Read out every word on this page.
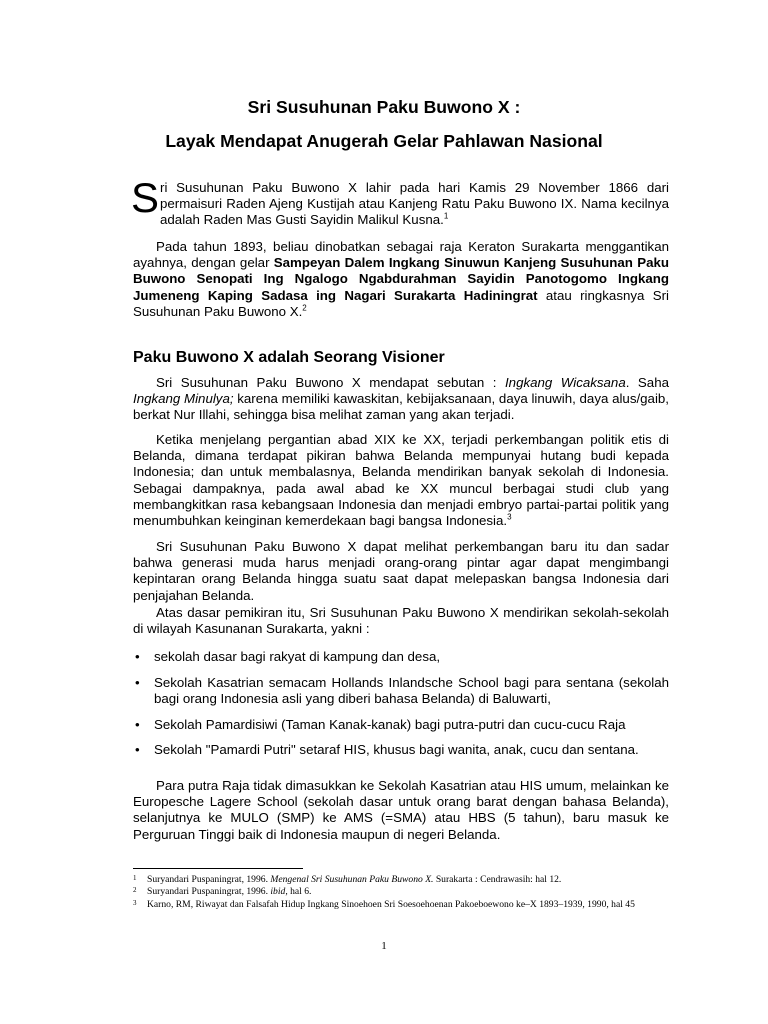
Sri Susuhunan Paku Buwono X :
Layak Mendapat Anugerah Gelar Pahlawan Nasional

Sri Susuhunan Paku Buwono X lahir pada hari Kamis 29 November 1866 dari permaisuri Raden Ajeng Kustijah atau Kanjeng Ratu Paku Buwono IX. Nama kecilnya adalah Raden Mas Gusti Sayidin Malikul Kusna.$^1$

Pada tahun 1893, beliau dinobatkan sebagai raja Keraton Surakarta menggantikan ayahnya, dengan gelar Sampeyan Dalem Ingkang Sinuwun Kanjeng Susuhunan Paku Buwono Senopati Ing Ngalogo Ngabdurahman Sayidin Panotogomo Ingkang Jumeneng Kaping Sadasa ing Nagari Surakarta Hadiningrat atau ringkasnya Sri Susuhunan Paku Buwono X.$^2$

Paku Buwono X adalah Seorang Visioner

Sri Susuhunan Paku Buwono X mendapat sebutan : Ingkang Wicaksana. Saha Ingkang Minulya; karena memiliki kawaskitan, kebijaksanaan, daya linuwih, daya alus/gaib, berkat Nur Illahi, sehingga bisa melihat zaman yang akan terjadi.

Ketika menjelang pergantian abad XIX ke XX, terjadi perkembangan politik etis di Belanda, dimana terdapat pikiran bahwa Belanda mempunyai hutang budi kepada Indonesia; dan untuk membalasnya, Belanda mendirikan banyak sekolah di Indonesia. Sebagai dampaknya, pada awal abad ke XX muncul berbagai studi club yang membangkitkan rasa kebangsaan Indonesia dan menjadi embryo partai-partai politik yang menumbuhkan keinginan kemerdekaan bagi bangsa Indonesia.$^3$

Sri Susuhunan Paku Buwono X dapat melihat perkembangan baru itu dan sadar bahwa generasi muda harus menjadi orang-orang pintar agar dapat mengimbangi kepintaran orang Belanda hingga suatu saat dapat melepaskan bangsa Indonesia dari penjajahan Belanda.

Atas dasar pemikiran itu, Sri Susuhunan Paku Buwono X mendirikan sekolah-sekolah di wilayah Kasunanan Surakarta, yakni :

• sekolah dasar bagi rakyat di kampung dan desa,
• Sekolah Kasatrian semacam Hollands Inlandsche School bagi para sentana (sekolah bagi orang Indonesia asli yang diberi bahasa Belanda) di Baluwarti,
• Sekolah Pamardisiwi (Taman Kanak-kanak) bagi putra-putri dan cucu-cucu Raja
• Sekolah "Pamardi Putri" setaraf HIS, khusus bagi wanita, anak, cucu dan sentana.

Para putra Raja tidak dimasukkan ke Sekolah Kasatrian atau HIS umum, melainkan ke Europesche Lagere School (sekolah dasar untuk orang barat dengan bahasa Belanda), selanjutnya ke MULO (SMP) ke AMS (=SMA) atau HBS (5 tahun), baru masuk ke Perguruan Tinggi baik di Indonesia maupun di negeri Belanda.

1 Suryandari Puspaningrat, 1996. Mengenal Sri Susuhunan Paku Buwono X. Surakarta : Cendrawasih: hal 12.
2 Suryandari Puspaningrat, 1996. ibid, hal 6.
3 Karno, RM, Riwayat dan Falsafah Hidup Ingkang Sinoehoen Sri Soesoehoenan Pakoeboewono ke–X 1893–1939, 1990, hal 45
1
